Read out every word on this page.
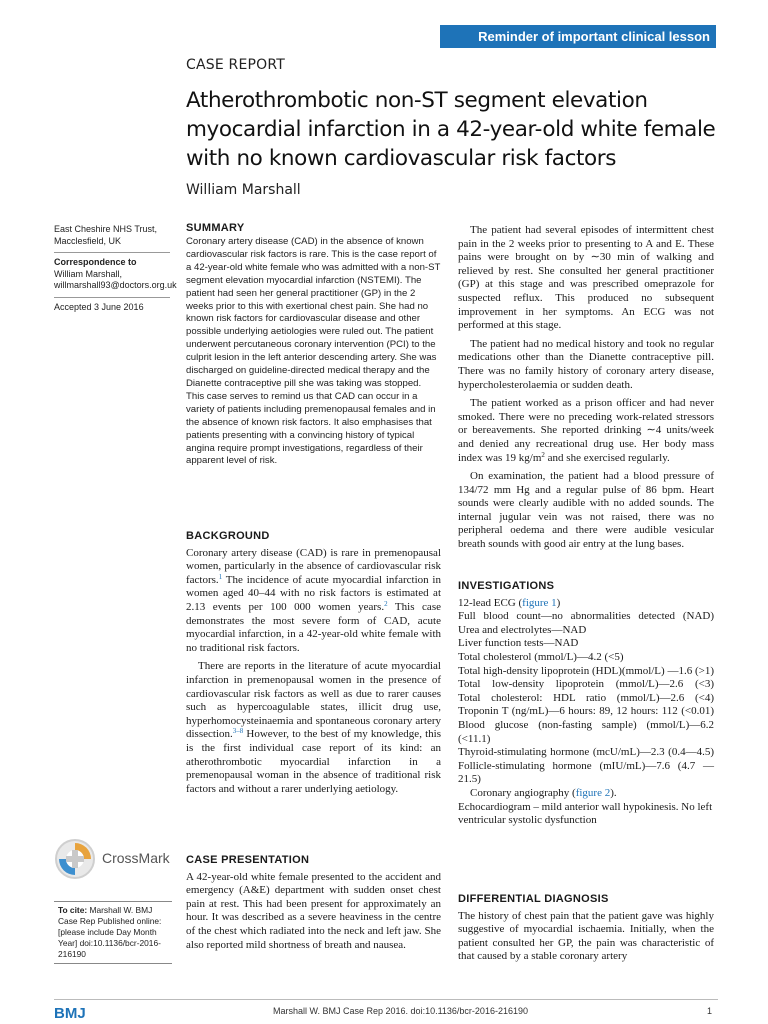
Reminder of important clinical lesson
CASE REPORT
Atherothrombotic non-ST segment elevation myocardial infarction in a 42-year-old white female with no known cardiovascular risk factors
William Marshall
East Cheshire NHS Trust,
Macclesfield, UK
Correspondence to
William Marshall,
willmarshall93@doctors.org.uk
Accepted 3 June 2016
SUMMARY

Coronary artery disease (CAD) in the absence of known cardiovascular risk factors is rare. This is the case report of a 42-year-old white female who was admitted with a non-ST segment elevation myocardial infarction (NSTEMI). The patient had seen her general practitioner (GP) in the 2 weeks prior to this with exertional chest pain. She had no known risk factors for cardiovascular disease and other possible underlying aetiologies were ruled out. The patient underwent percutaneous coronary intervention (PCI) to the culprit lesion in the left anterior descending artery. She was discharged on guideline-directed medical therapy and the Dianette contraceptive pill she was taking was stopped. This case serves to remind us that CAD can occur in a variety of patients including premenopausal females and in the absence of known risk factors. It also emphasises that patients presenting with a convincing history of typical angina require prompt investigations, regardless of their apparent level of risk.

BACKGROUND

Coronary artery disease (CAD) is rare in premenopausal women, particularly in the absence of cardiovascular risk factors.$^1$ The incidence of acute myocardial infarction in women aged 40–44 with no risk factors is estimated at 2.13 events per 100 000 women years.$^2$ This case demonstrates the most severe form of CAD, acute myocardial infarction, in a 42-year-old white female with no traditional risk factors.

There are reports in the literature of acute myocardial infarction in premenopausal women in the presence of cardiovascular risk factors as well as due to rarer causes such as hypercoagulable states, illicit drug use, hyperhomocysteinaemia and spontaneous coronary artery dissection.$^{3-8}$ However, to the best of my knowledge, this is the first individual case report of its kind: an atherothrombotic myocardial infarction in a premenopausal woman in the absence of traditional risk factors and without a rarer underlying aetiology.

CASE PRESENTATION

A 42-year-old white female presented to the accident and emergency (A&E) department with sudden onset chest pain at rest. This had been present for approximately an hour. It was described as a severe heaviness in the centre of the chest which radiated into the neck and left jaw. She also reported mild shortness of breath and nausea.

The patient had several episodes of intermittent chest pain in the 2 weeks prior to presenting to A and E. These pains were brought on by ∼30 min of walking and relieved by rest. She consulted her general practitioner (GP) at this stage and was prescribed omeprazole for suspected reflux. This produced no subsequent improvement in her symptoms. An ECG was not performed at this stage.

The patient had no medical history and took no regular medications other than the Dianette contraceptive pill. There was no family history of coronary artery disease, hypercholesterolaemia or sudden death.

The patient worked as a prison officer and had never smoked. There were no preceding work-related stressors or bereavements. She reported drinking ∼4 units/week and denied any recreational drug use. Her body mass index was 19 $kg/m^2$ and she exercised regularly.

On examination, the patient had a blood pressure of 134/72 mm Hg and a regular pulse of 86 bpm. Heart sounds were clearly audible with no added sounds. The internal jugular vein was not raised, there was no peripheral oedema and there were audible vesicular breath sounds with good air entry at the lung bases.

INVESTIGATIONS

12-lead ECG (figure 1)

Full blood count—no abnormalities detected (NAD)

Urea and electrolytes—NAD

Liver function tests—NAD

Total cholesterol (mmol/L)—4.2 (<5)

Total high-density lipoprotein (HDL)(mmol/L) —1.6 (>1)

Total low-density lipoprotein (mmol/L)—2.6 (<3)

Total cholesterol: HDL ratio (mmol/L)—2.6 (<4)

Troponin T (ng/mL)—6 hours: 89, 12 hours: 112 (<0.01)

Blood glucose (non-fasting sample) (mmol/L)—6.2 (<11.1)

Thyroid-stimulating hormone (mcU/mL)—2.3 (0.4—4.5)

Follicle-stimulating hormone (mIU/mL)—7.6 (4.7 —21.5)

Coronary angiography (figure 2).

Echocardiogram – mild anterior wall hypokinesis. No left ventricular systolic dysfunction

DIFFERENTIAL DIAGNOSIS

The history of chest pain that the patient gave was highly suggestive of myocardial ischaemia. Initially, when the patient consulted her GP, the pain was characteristic of that caused by a stable coronary artery

CrossMark
To cite: Marshall W. BMJ Case Rep Published online: [please include Day Month Year] doi:10.1136/bcr-2016-216190
BMJ	Marshall W. BMJ Case Rep 2016. doi:10.1136/bcr-2016-216190	1
